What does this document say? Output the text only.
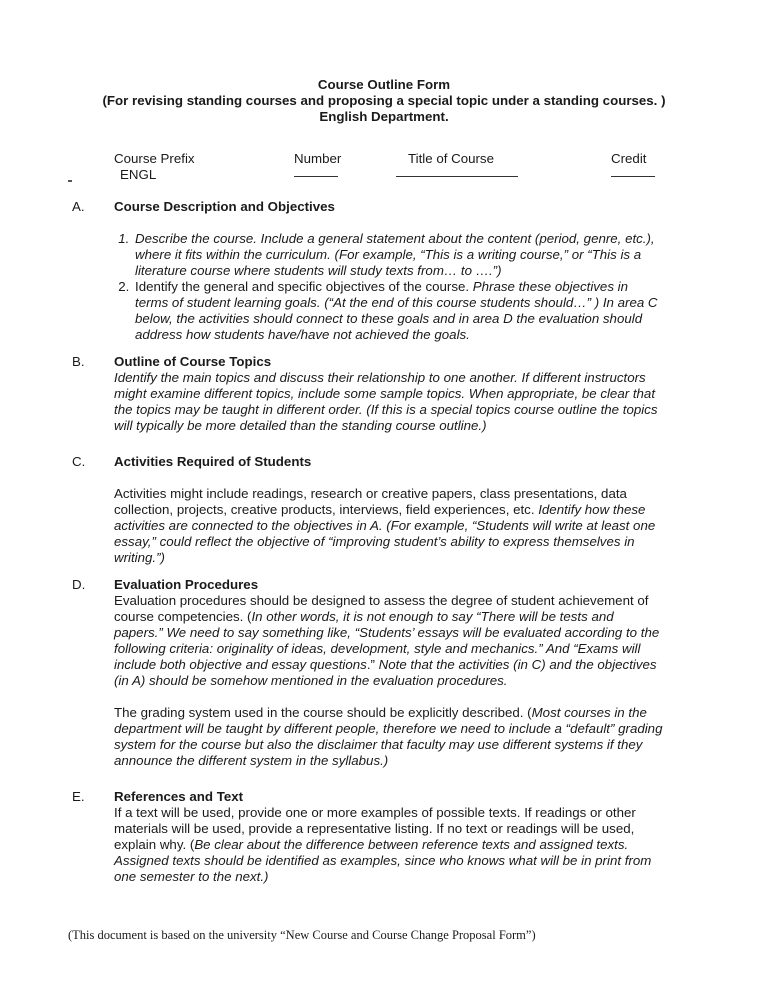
Course Outline Form
(For revising standing courses and proposing a special topic under a standing courses. )
English Department.
Course Prefix
ENGL
Number	Title of Course	Credit
A. Course Description and Objectives
1. Describe the course. Include a general statement about the content (period, genre, etc.), where it fits within the curriculum. (For example, “This is a writing course,” or “This is a literature course where students will study texts from… to ….”)
2. Identify the general and specific objectives of the course. Phrase these objectives in terms of student learning goals. (“At the end of this course students should…” ) In area C below, the activities should connect to these goals and in area D the evaluation should address how students have/have not achieved the goals.
B. Outline of Course Topics
Identify the main topics and discuss their relationship to one another. If different instructors might examine different topics, include some sample topics. When appropriate, be clear that the topics may be taught in different order. (If this is a special topics course outline the topics will typically be more detailed than the standing course outline.)
C. Activities Required of Students
Activities might include readings, research or creative papers, class presentations, data collection, projects, creative products, interviews, field experiences, etc. Identify how these activities are connected to the objectives in A. (For example, “Students will write at least one essay,” could reflect the objective of “improving student’s ability to express themselves in writing.”)
D. Evaluation Procedures
Evaluation procedures should be designed to assess the degree of student achievement of course competencies. (In other words, it is not enough to say “There will be tests and papers.” We need to say something like, “Students’ essays will be evaluated according to the following criteria: originality of ideas, development, style and mechanics.” And “Exams will include both objective and essay questions.” Note that the activities (in C) and the objectives (in A) should be somehow mentioned in the evaluation procedures.
The grading system used in the course should be explicitly described. (Most courses in the department will be taught by different people, therefore we need to include a “default” grading system for the course but also the disclaimer that faculty may use different systems if they announce the different system in the syllabus.)
E. References and Text
If a text will be used, provide one or more examples of possible texts. If readings or other materials will be used, provide a representative listing. If no text or readings will be used, explain why. (Be clear about the difference between reference texts and assigned texts. Assigned texts should be identified as examples, since who knows what will be in print from one semester to the next.)
(This document is based on the university “New Course and Course Change Proposal Form”)
